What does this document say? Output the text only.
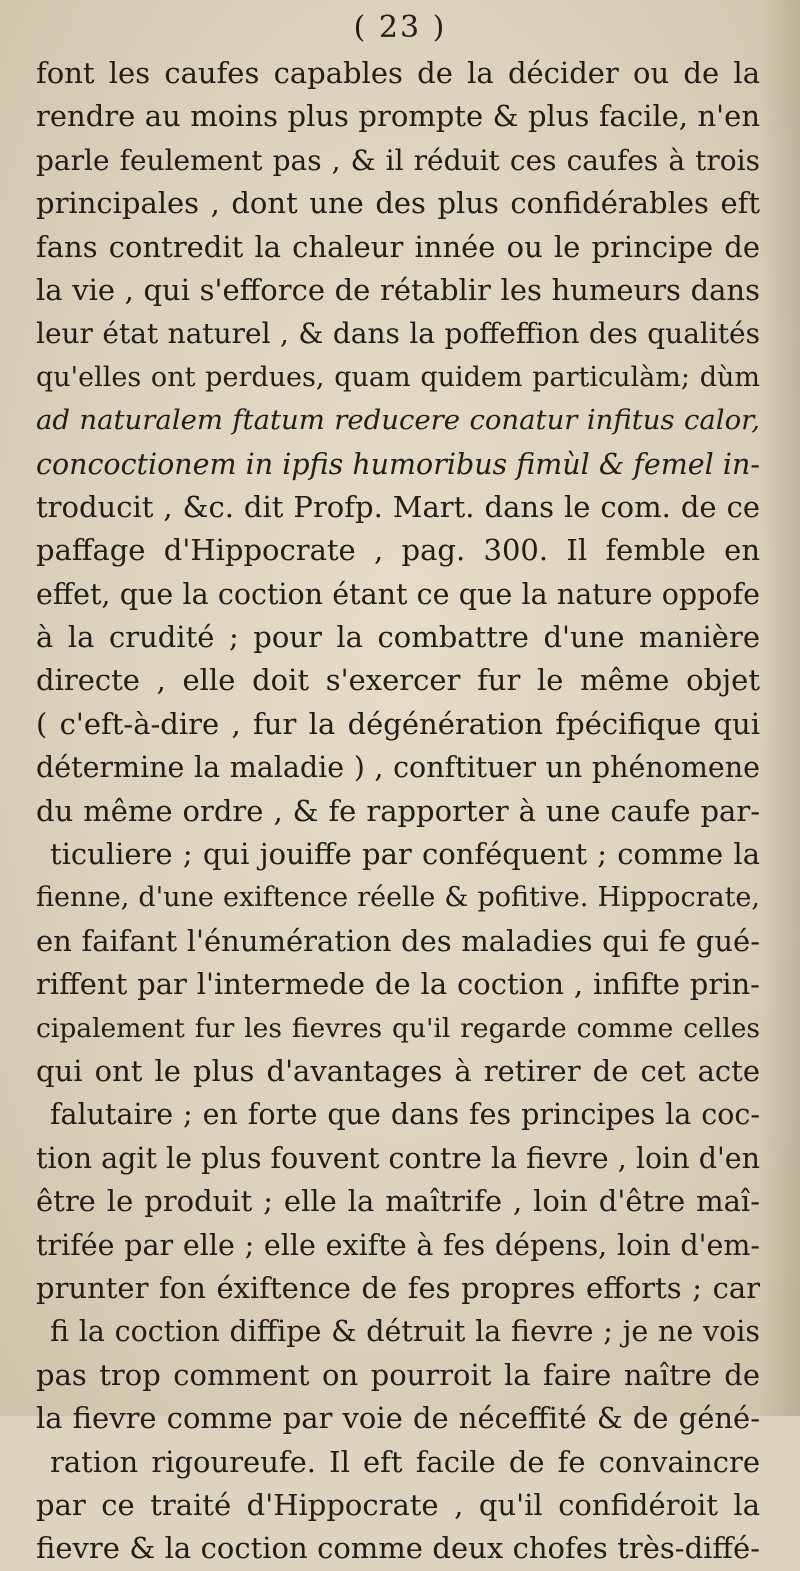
( 23 )
font les caufes capables de la décider ou de la
rendre au moins plus prompte & plus facile, n'en
parle feulement pas , & il réduit ces caufes à trois
principales , dont une des plus confidérables eft
fans contredit la chaleur innée ou le principe de
la vie , qui s'efforce de rétablir les humeurs dans
leur état naturel , & dans la poffeffion des qualités
qu'elles ont perdues, quam quidem particulàm; dùm
ad naturalem ftatum reducere conatur infitus calor,
concoctionem in ipfis humoribus fimùl & femel in-
troducit , &c. dit Profp. Mart. dans le com. de ce
paffage d'Hippocrate , pag. 300. Il femble en
effet, que la coction étant ce que la nature oppofe
à la crudité ; pour la combattre d'une manière
directe , elle doit s'exercer fur le même objet
( c'eft-à-dire , fur la dégénération fpécifique qui
détermine la maladie ) , conftituer un phénomene
du même ordre , & fe rapporter à une caufe par-
ticuliere ; qui jouiffe par conféquent ; comme la
fienne, d'une exiftence réelle & pofitive. Hippocrate,
en faifant l'énumération des maladies qui fe gué-
riffent par l'intermede de la coction , infifte prin-
cipalement fur les fievres qu'il regarde comme celles
qui ont le plus d'avantages à retirer de cet acte
falutaire ; en forte que dans fes principes la coc-
tion agit le plus fouvent contre la fievre , loin d'en
être le produit ; elle la maîtrife , loin d'être maî-
trifée par elle ; elle exifte à fes dépens, loin d'em-
prunter fon éxiftence de fes propres efforts ; car
fi la coction diffipe & détruit la fievre ; je ne vois
pas trop comment on pourroit la faire naître de
la fievre comme par voie de néceffité & de géné-
ration rigoureufe. Il eft facile de fe convaincre
par ce traité d'Hippocrate , qu'il confidéroit la
fievre & la coction comme deux chofes très-diffé-
